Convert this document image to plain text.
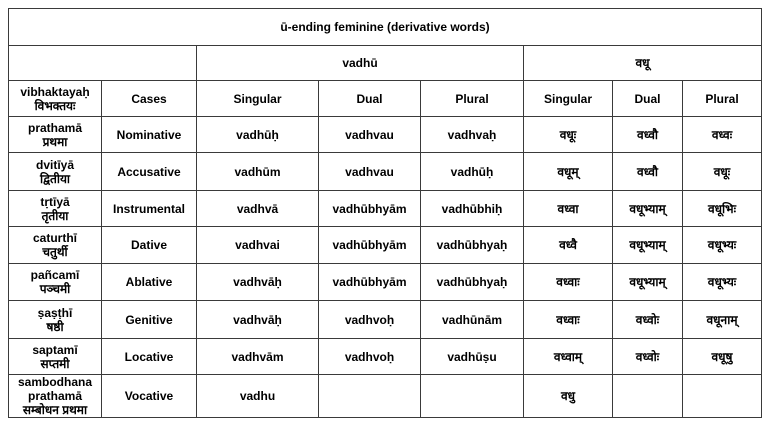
ū-ending feminine (derivative words)							
		vadhū			वधू		

vibhaktayaḥ
विभक्तयः	Cases	Singular	Dual	Plural	Singular	Dual	Plural

prathamā
प्रथमा	Nominative	vadhūḥ	vadhvau	vadhvaḥ	वधूः	वध्वौ	वध्वः

dvitīyā
द्वितीया	Accusative	vadhūm	vadhvau	vadhūḥ	वधूम्	वध्वौ	वधूः

tṛtīyā
तृतीया	Instrumental	vadhvā	vadhūbhyām	vadhūbhiḥ	वध्वा	वधूभ्याम्	वधूभिः

caturthī
चतुर्थी	Dative	vadhvai	vadhūbhyām	vadhūbhyaḥ	वध्वै	वधूभ्याम्	वधूभ्यः

pañcamī
पञ्चमी	Ablative	vadhvāḥ	vadhūbhyām	vadhūbhyaḥ	वध्वाः	वधूभ्याम्	वधूभ्यः

ṣaṣṭhī
षष्ठी	Genitive	vadhvāḥ	vadhvoḥ	vadhūnām	वध्वाः	वध्वोः	वधूनाम्

saptamī
सप्तमी	Locative	vadhvām	vadhvoḥ	vadhūṣu	वध्वाम्	वध्वोः	वधूषु

sambodhana
prathamā
सम्बोधन प्रथमा	Vocative	vadhu			वधु		
